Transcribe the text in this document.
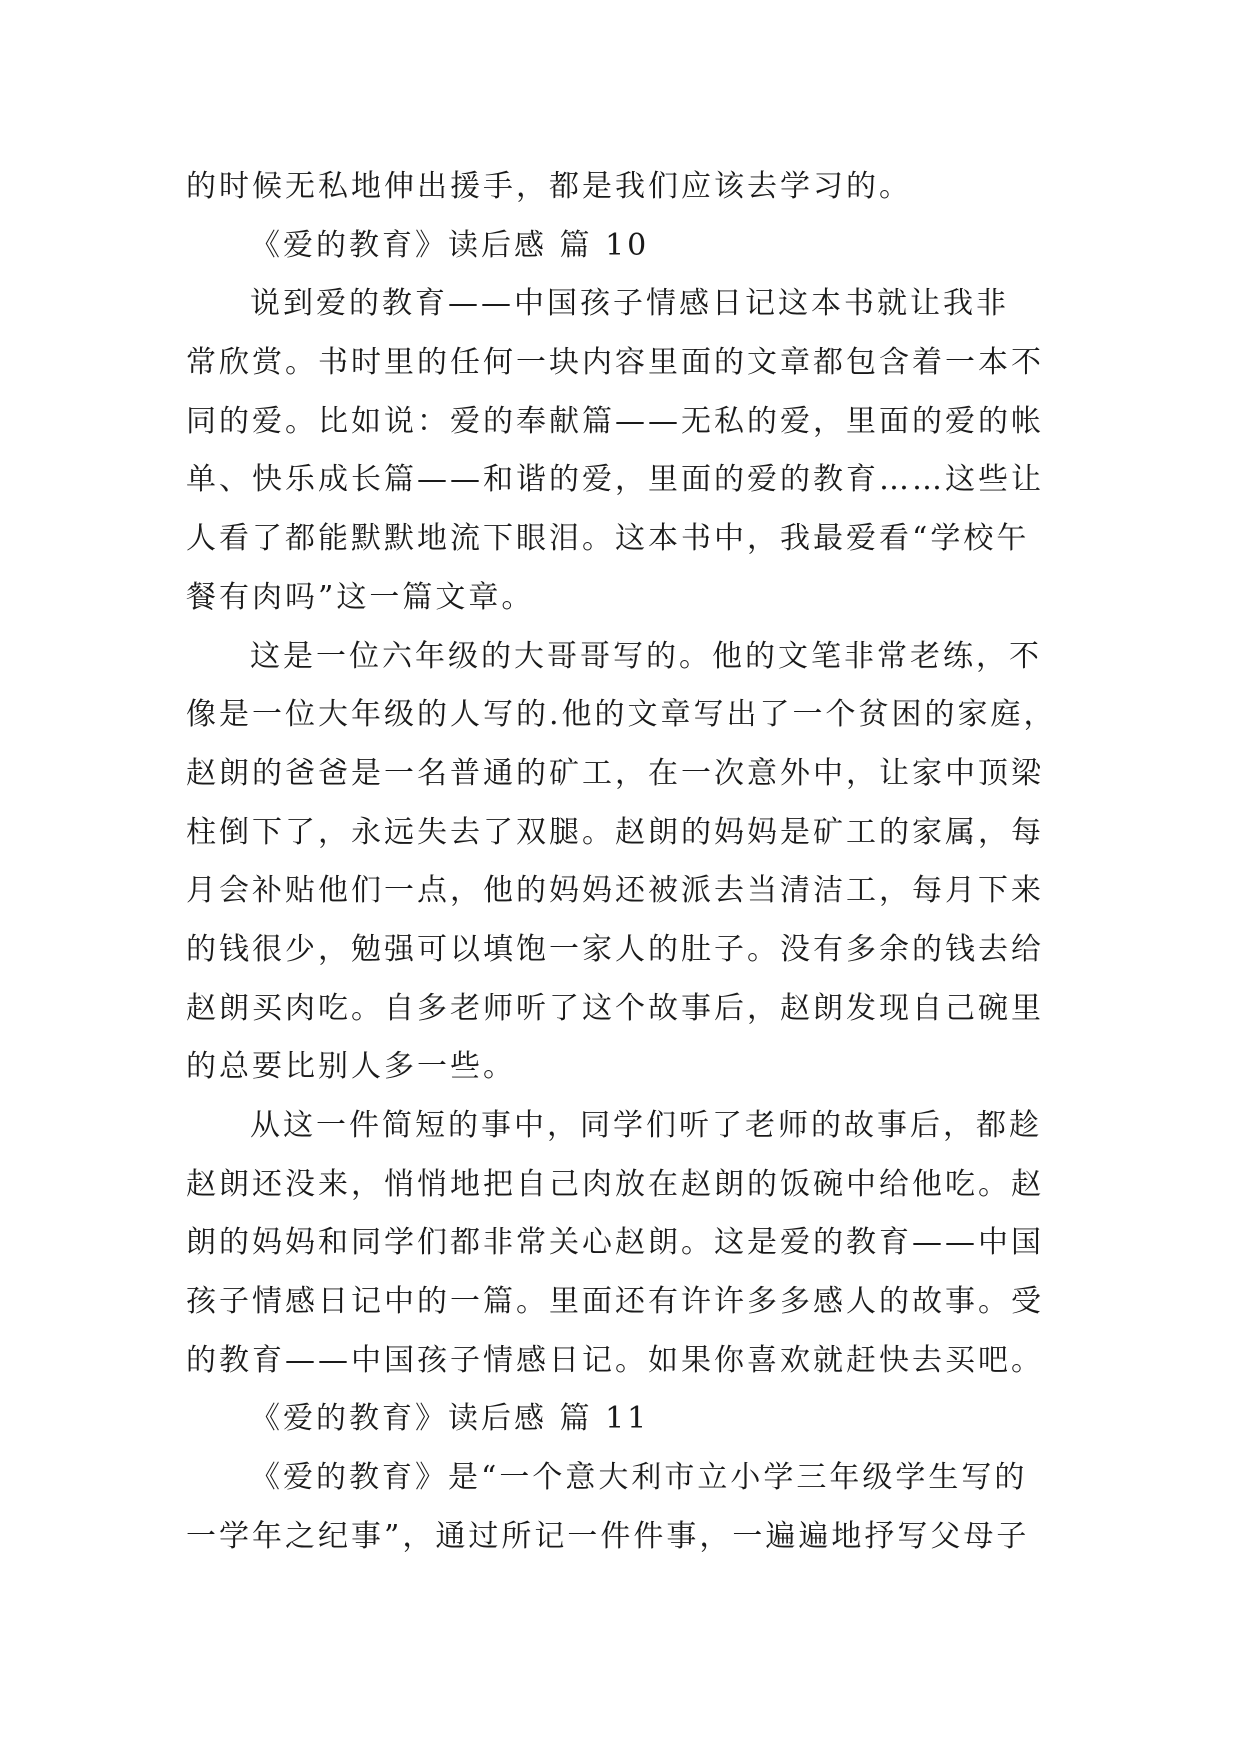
的时候无私地伸出援手，都是我们应该去学习的。
《爱的教育》读后感 篇 10
说到爱的教育——中国孩子情感日记这本书就让我非
常欣赏。书时里的任何一块内容里面的文章都包含着一本不
同的爱。比如说：爱的奉献篇——无私的爱，里面的爱的帐
单、快乐成长篇——和谐的爱，里面的爱的教育……这些让
人看了都能默默地流下眼泪。这本书中，我最爱看“学校午
餐有肉吗”这一篇文章。
这是一位六年级的大哥哥写的。他的文笔非常老练，不
像是一位大年级的人写的.他的文章写出了一个贫困的家庭，
赵朗的爸爸是一名普通的矿工，在一次意外中，让家中顶梁
柱倒下了，永远失去了双腿。赵朗的妈妈是矿工的家属，每
月会补贴他们一点，他的妈妈还被派去当清洁工，每月下来
的钱很少，勉强可以填饱一家人的肚子。没有多余的钱去给
赵朗买肉吃。自多老师听了这个故事后，赵朗发现自己碗里
的总要比别人多一些。
从这一件简短的事中，同学们听了老师的故事后，都趁
赵朗还没来，悄悄地把自己肉放在赵朗的饭碗中给他吃。赵
朗的妈妈和同学们都非常关心赵朗。这是爱的教育——中国
孩子情感日记中的一篇。里面还有许许多多感人的故事。受
的教育——中国孩子情感日记。如果你喜欢就赶快去买吧。
《爱的教育》读后感 篇 11
《爱的教育》是“一个意大利市立小学三年级学生写的
一学年之纪事”，通过所记一件件事，一遍遍地抒写父母子
